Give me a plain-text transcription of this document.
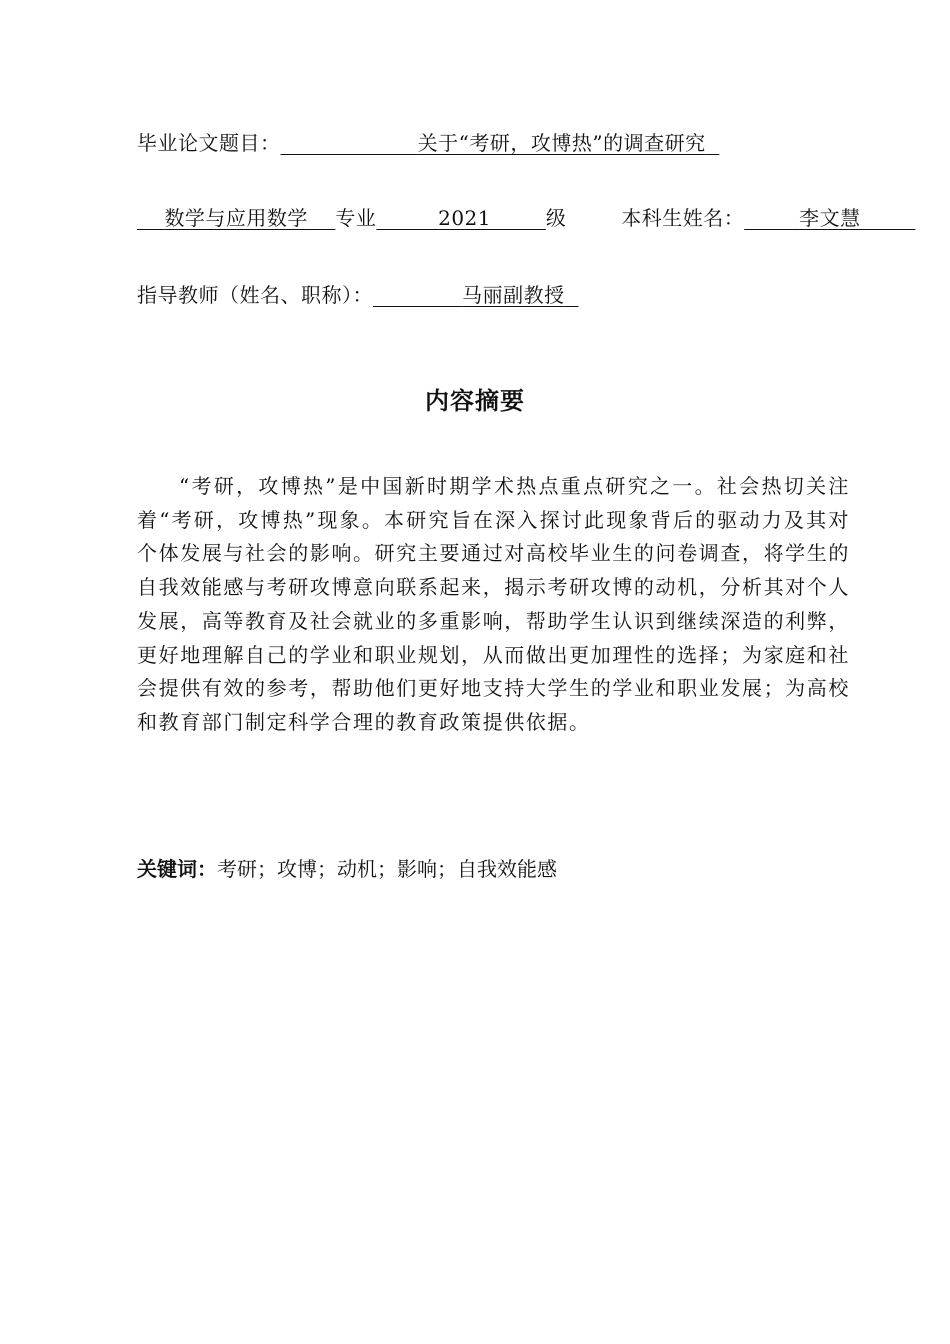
毕业论文题目：	关于“考研，攻博热”的调查研究
数学与应用数学 专业	2021	级	本科生姓名：	李文慧
指导教师（姓名、职称）：	马丽副教授
内容摘要

“考研，攻博热”是中国新时期学术热点重点研究之一。社会热切关注着“考研，攻博热”现象。本研究旨在深入探讨此现象背后的驱动力及其对个体发展与社会的影响。研究主要通过对高校毕业生的问卷调查，将学生的自我效能感与考研攻博意向联系起来，揭示考研攻博的动机，分析其对个人发展，高等教育及社会就业的多重影响，帮助学生认识到继续深造的利弊，更好地理解自己的学业和职业规划，从而做出更加理性的选择；为家庭和社会提供有效的参考，帮助他们更好地支持大学生的学业和职业发展；为高校和教育部门制定科学合理的教育政策提供依据。

关键词：考研；攻博；动机；影响；自我效能感
